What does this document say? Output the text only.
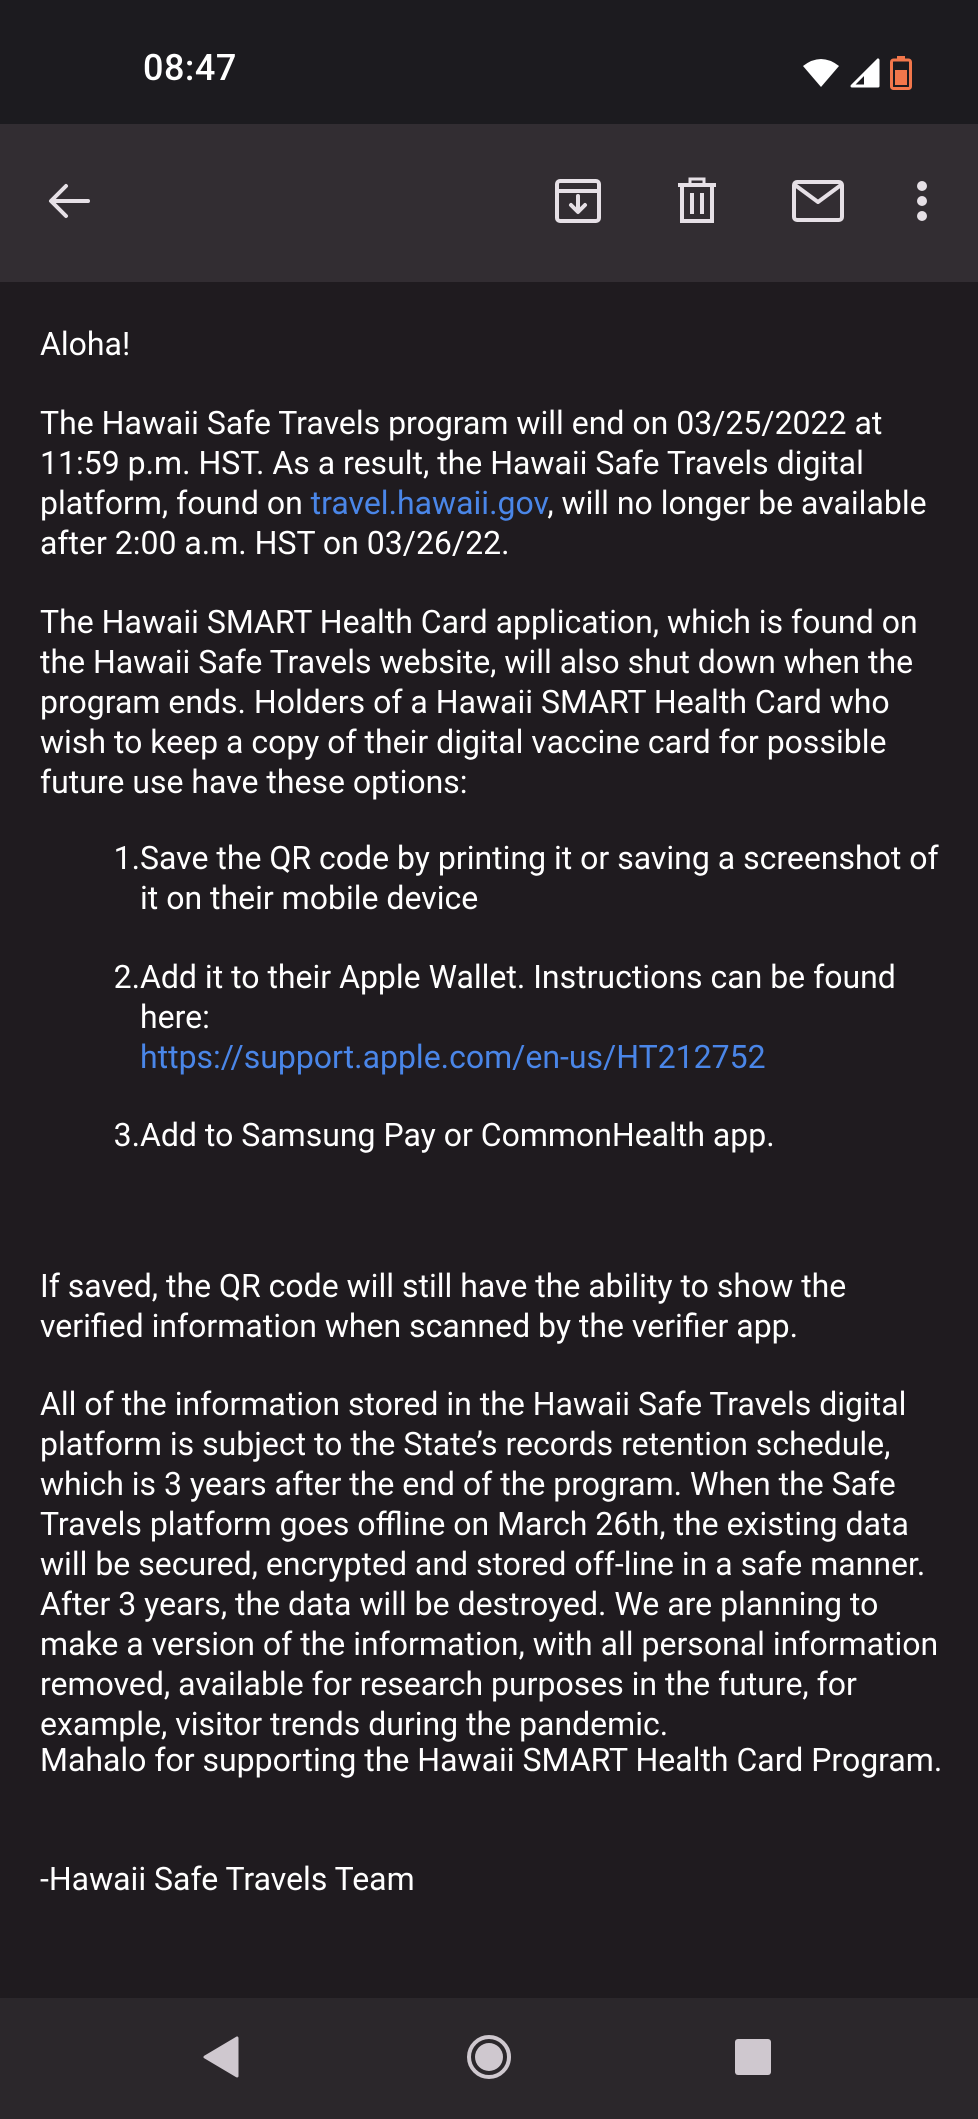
08:47
Aloha!

The Hawaii Safe Travels program will end on 03/25/2022 at 11:59 p.m. HST. As a result, the Hawaii Safe Travels digital platform, found on travel.hawaii.gov, will no longer be available after 2:00 a.m. HST on 03/26/22.

The Hawaii SMART Health Card application, which is found on the Hawaii Safe Travels website, will also shut down when the program ends. Holders of a Hawaii SMART Health Card who wish to keep a copy of their digital vaccine card for possible future use have these options:
1. Save the QR code by printing it or saving a screenshot of it on their mobile device
2. Add it to their Apple Wallet. Instructions can be found here:
https://support.apple.com/en-us/HT212752
3. Add to Samsung Pay or CommonHealth app.
If saved, the QR code will still have the ability to show the verified information when scanned by the verifier app.
All of the information stored in the Hawaii Safe Travels digital platform is subject to the State’s records retention schedule, which is 3 years after the end of the program. When the Safe Travels platform goes offline on March 26th, the existing data will be secured, encrypted and stored off-line in a safe manner. After 3 years, the data will be destroyed. We are planning to make a version of the information, with all personal information removed, available for research purposes in the future, for example, visitor trends during the pandemic.
Mahalo for supporting the Hawaii SMART Health Card Program.
-Hawaii Safe Travels Team
